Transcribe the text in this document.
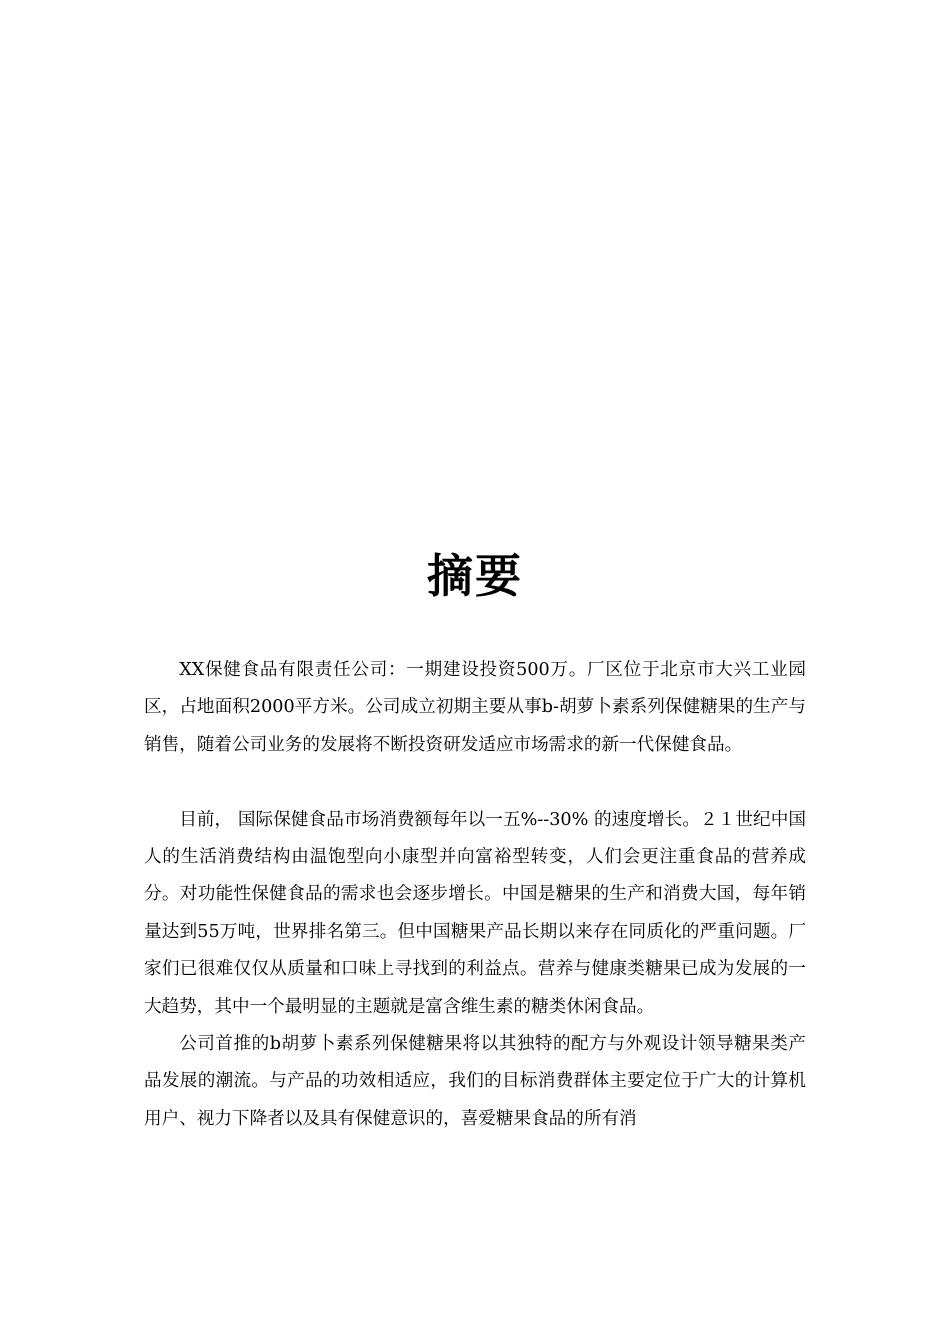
摘要

XX保健食品有限责任公司：一期建设投资500万。厂区位于北京市大兴工业园区，占地面积2000平方米。公司成立初期主要从事b-胡萝卜素系列保健糖果的生产与销售，随着公司业务的发展将不断投资研发适应市场需求的新一代保健食品。

目前， 国际保健食品市场消费额每年以一五%--30% 的速度增长。２１世纪中国人的生活消费结构由温饱型向小康型并向富裕型转变，人们会更注重食品的营养成分。对功能性保健食品的需求也会逐步增长。中国是糖果的生产和消费大国，每年销量达到55万吨，世界排名第三。但中国糖果产品长期以来存在同质化的严重问题。厂家们已很难仅仅从质量和口味上寻找到的利益点。营养与健康类糖果已成为发展的一大趋势，其中一个最明显的主题就是富含维生素的糖类休闲食品。

公司首推的b胡萝卜素系列保健糖果将以其独特的配方与外观设计领导糖果类产品发展的潮流。与产品的功效相适应，我们的目标消费群体主要定位于广大的计算机用户、视力下降者以及具有保健意识的，喜爱糖果食品的所有消
